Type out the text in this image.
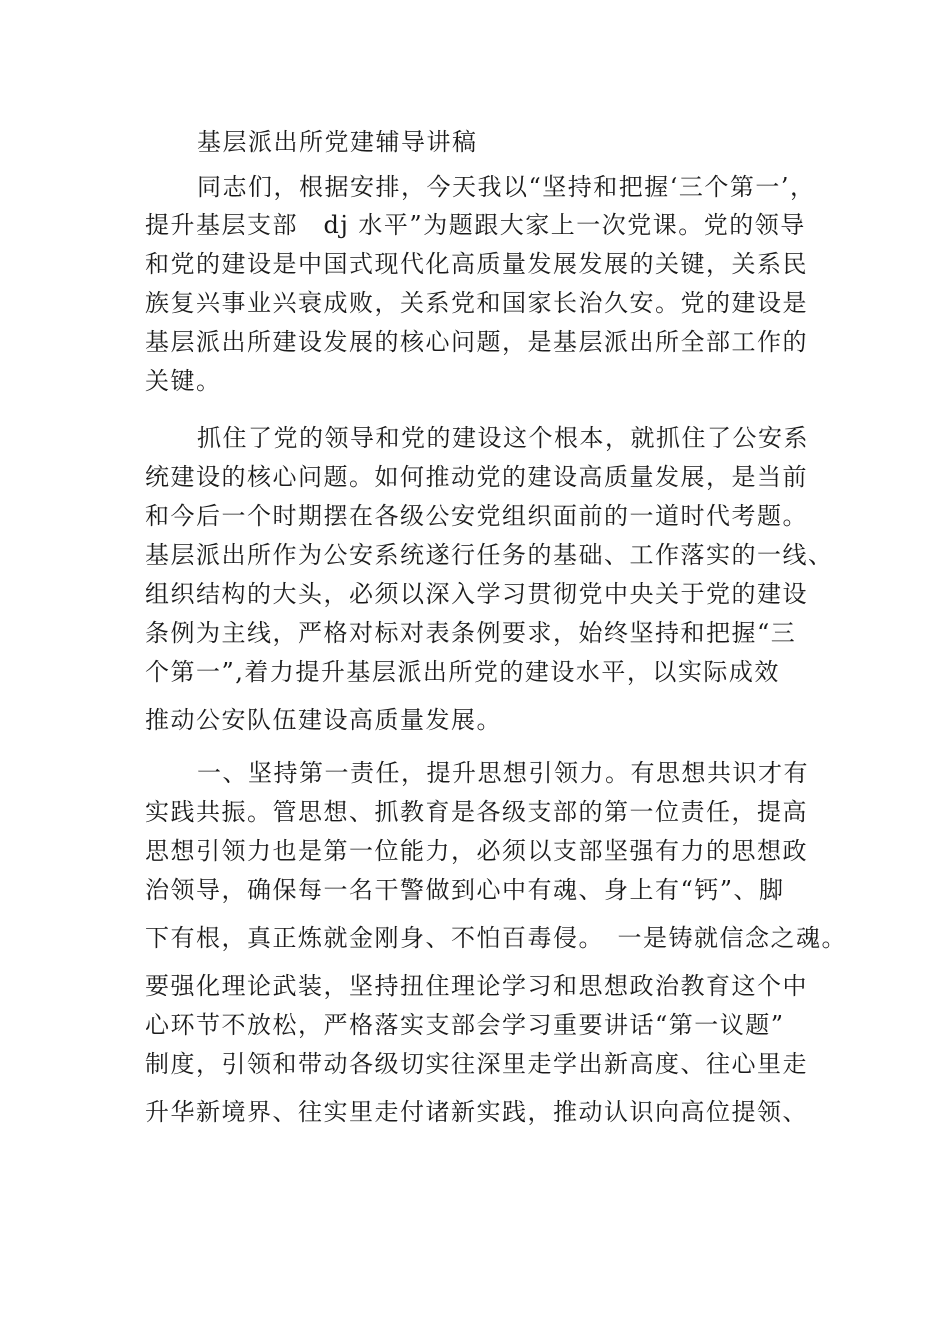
基层派出所党建辅导讲稿
同志们，根据安排，今天我以“坚持和把握‘三个第一’，
提升基层支部　dj 水平”为题跟大家上一次党课。党的领导
和党的建设是中国式现代化高质量发展发展的关键，关系民
族复兴事业兴衰成败，关系党和国家长治久安。党的建设是
基层派出所建设发展的核心问题，是基层派出所全部工作的
关键。
抓住了党的领导和党的建设这个根本，就抓住了公安系
统建设的核心问题。如何推动党的建设高质量发展，是当前
和今后一个时期摆在各级公安党组织面前的一道时代考题。
基层派出所作为公安系统遂行任务的基础、工作落实的一线、
组织结构的大头，必须以深入学习贯彻党中央关于党的建设
条例为主线，严格对标对表条例要求，始终坚持和把握“三
个第一”,着力提升基层派出所党的建设水平，以实际成效
推动公安队伍建设高质量发展。
一、坚持第一责任，提升思想引领力。有思想共识才有
实践共振。管思想、抓教育是各级支部的第一位责任，提高
思想引领力也是第一位能力，必须以支部坚强有力的思想政
治领导，确保每一名干警做到心中有魂、身上有“钙”、脚
下有根，真正炼就金刚身、不怕百毒侵。　一是铸就信念之魂。
要强化理论武装，坚持扭住理论学习和思想政治教育这个中
心环节不放松，严格落实支部会学习重要讲话“第一议题”
制度，引领和带动各级切实往深里走学出新高度、往心里走
升华新境界、往实里走付诸新实践，推动认识向高位提领、
